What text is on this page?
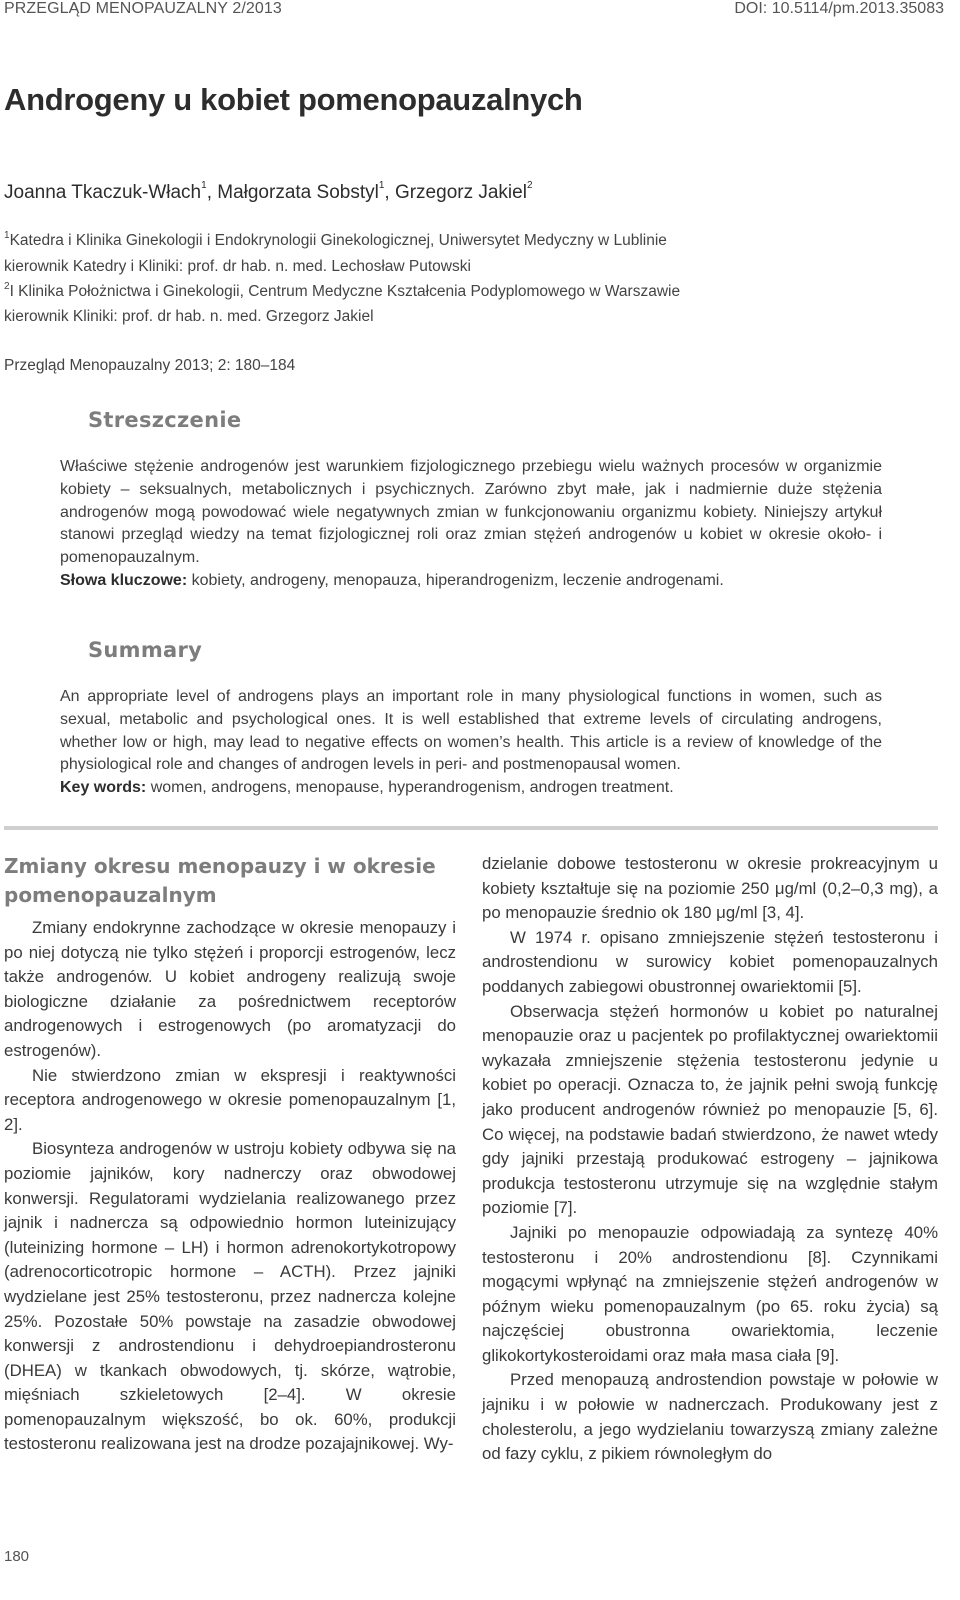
PRZEGLĄD MENOPAUZALNY 2/2013	DOI: 10.5114/pm.2013.35083
Androgeny u kobiet pomenopauzalnych
Joanna Tkaczuk-Włach$^1$, Małgorzata Sobstyl$^1$, Grzegorz Jakiel$^2$
$^1$Katedra i Klinika Ginekologii i Endokrynologii Ginekologicznej, Uniwersytet Medyczny w Lublinie
kierownik Katedry i Kliniki: prof. dr hab. n. med. Lechosław Putowski
$^2$I Klinika Położnictwa i Ginekologii, Centrum Medyczne Kształcenia Podyplomowego w Warszawie
kierownik Kliniki: prof. dr hab. n. med. Grzegorz Jakiel
Przegląd Menopauzalny 2013; 2: 180–184
Streszczenie

Właściwe stężenie androgenów jest warunkiem fizjologicznego przebiegu wielu ważnych procesów w organizmie kobiety – seksualnych, metabolicznych i psychicznych. Zarówno zbyt małe, jak i nadmiernie duże stężenia androgenów mogą powodować wiele negatywnych zmian w funkcjonowaniu organizmu kobiety. Niniejszy artykuł stanowi przegląd wiedzy na temat fizjologicznej roli oraz zmian stężeń androgenów u kobiet w okresie około- i pomenopauzalnym.

Słowa kluczowe: kobiety, androgeny, menopauza, hiperandrogenizm, leczenie androgenami.

Summary

An appropriate level of androgens plays an important role in many physiological functions in women, such as sexual, metabolic and psychological ones. It is well established that extreme levels of circulating androgens, whether low or high, may lead to negative effects on women’s health. This article is a review of knowledge of the physiological role and changes of androgen levels in peri- and postmenopausal women.

Key words: women, androgens, menopause, hyperandrogenism, androgen treatment.

Zmiany okresu menopauzy i w okresie pomenopauzalnym

Zmiany endokrynne zachodzące w okresie menopauzy i po niej dotyczą nie tylko stężeń i proporcji estrogenów, lecz także androgenów. U kobiet androgeny realizują swoje biologiczne działanie za pośrednictwem receptorów androgenowych i estrogenowych (po aromatyzacji do estrogenów).

Nie stwierdzono zmian w ekspresji i reaktywności receptora androgenowego w okresie pomenopauzalnym [1, 2].

Biosynteza androgenów w ustroju kobiety odbywa się na poziomie jajników, kory nadnerczy oraz obwodowej konwersji. Regulatorami wydzielania realizowanego przez jajnik i nadnercza są odpowiednio hormon luteinizujący (luteinizing hormone – LH) i hormon adrenokortykotropowy (adrenocorticotropic hormone – ACTH). Przez jajniki wydzielane jest 25% testosteronu, przez nadnercza kolejne 25%. Pozostałe 50% powstaje na zasadzie obwodowej konwersji z androstendionu i dehydroepiandrosteronu (DHEA) w tkankach obwodowych, tj. skórze, wątrobie, mięśniach szkieletowych [2–4]. W okresie pomenopauzalnym większość, bo ok. 60%, produkcji testosteronu realizowana jest na drodze pozajajnikowej. Wy-

dzielanie dobowe testosteronu w okresie prokreacyjnym u kobiety kształtuje się na poziomie 250 μg/ml (0,2–0,3 mg), a po menopauzie średnio ok 180 μg/ml [3, 4].

W 1974 r. opisano zmniejszenie stężeń testosteronu i androstendionu w surowicy kobiet pomenopauzalnych poddanych zabiegowi obustronnej owariektomii [5].

Obserwacja stężeń hormonów u kobiet po naturalnej menopauzie oraz u pacjentek po profilaktycznej owariektomii wykazała zmniejszenie stężenia testosteronu jedynie u kobiet po operacji. Oznacza to, że jajnik pełni swoją funkcję jako producent androgenów również po menopauzie [5, 6]. Co więcej, na podstawie badań stwierdzono, że nawet wtedy gdy jajniki przestają produkować estrogeny – jajnikowa produkcja testosteronu utrzymuje się na względnie stałym poziomie [7].

Jajniki po menopauzie odpowiadają za syntezę 40% testosteronu i 20% androstendionu [8]. Czynnikami mogącymi wpłynąć na zmniejszenie stężeń androgenów w późnym wieku pomenopauzalnym (po 65. roku życia) są najczęściej obustronna owariektomia, leczenie glikokortykosteroidami oraz mała masa ciała [9].

Przed menopauzą androstendion powstaje w połowie w jajniku i w połowie w nadnerczach. Produkowany jest z cholesterolu, a jego wydzielaniu towarzyszą zmiany zależne od fazy cyklu, z pikiem równoległym do

180
